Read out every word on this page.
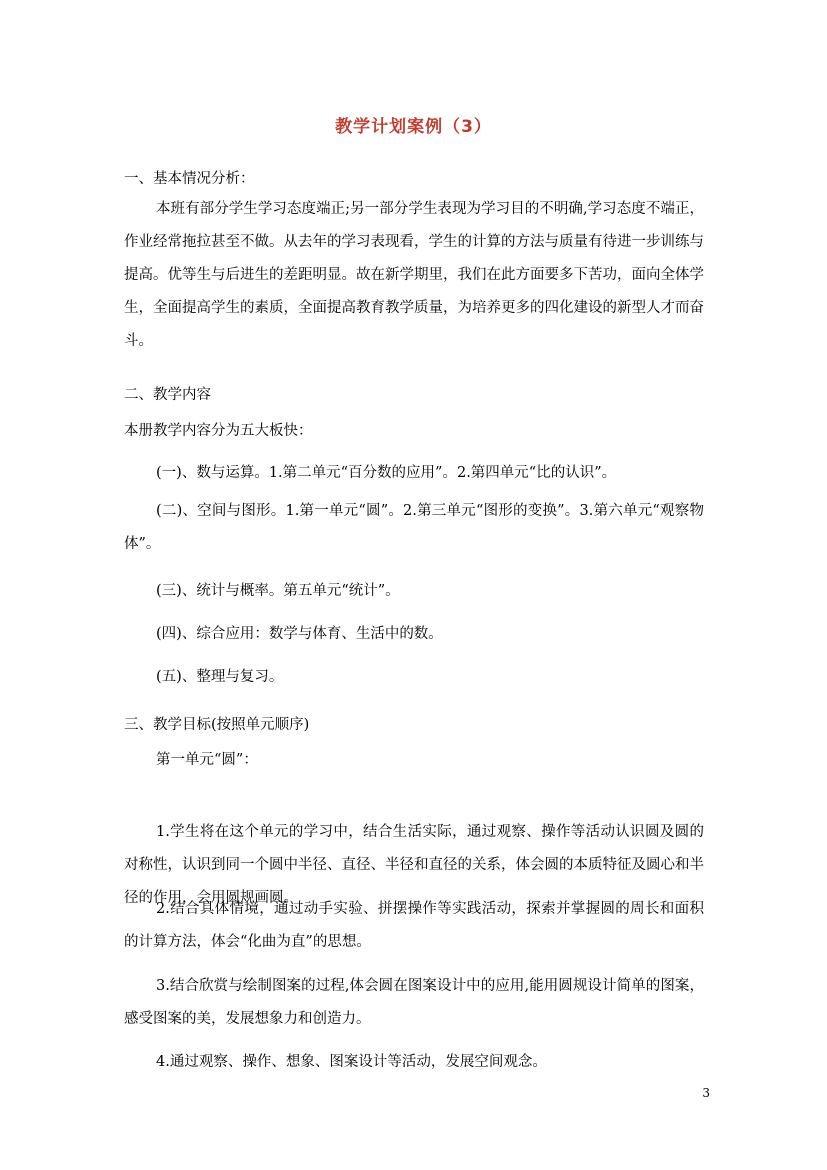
教学计划案例（3）
一、基本情况分析：
本班有部分学生学习态度端正;另一部分学生表现为学习目的不明确,学习态度不端正，作业经常拖拉甚至不做。从去年的学习表现看，学生的计算的方法与质量有待进一步训练与提高。优等生与后进生的差距明显。故在新学期里，我们在此方面要多下苦功，面向全体学生，全面提高学生的素质，全面提高教育教学质量，为培养更多的四化建设的新型人才而奋斗。
二、教学内容
本册教学内容分为五大板快：
(一)、数与运算。1.第二单元“百分数的应用”。2.第四单元“比的认识”。
(二)、空间与图形。1.第一单元“圆”。2.第三单元“图形的变换”。3.第六单元“观察物体”。
(三)、统计与概率。第五单元“统计”。
(四)、综合应用：数学与体育、生活中的数。
(五)、整理与复习。
三、教学目标(按照单元顺序)
第一单元“圆”：
1.学生将在这个单元的学习中，结合生活实际，通过观察、操作等活动认识圆及圆的对称性，认识到同一个圆中半径、直径、半径和直径的关系，体会圆的本质特征及圆心和半径的作用，会用圆规画圆。
2.结合具体情境，通过动手实验、拼摆操作等实践活动，探索并掌握圆的周长和面积的计算方法，体会“化曲为直”的思想。
3.结合欣赏与绘制图案的过程,体会圆在图案设计中的应用,能用圆规设计简单的图案，感受图案的美，发展想象力和创造力。
4.通过观察、操作、想象、图案设计等活动，发展空间观念。
3
